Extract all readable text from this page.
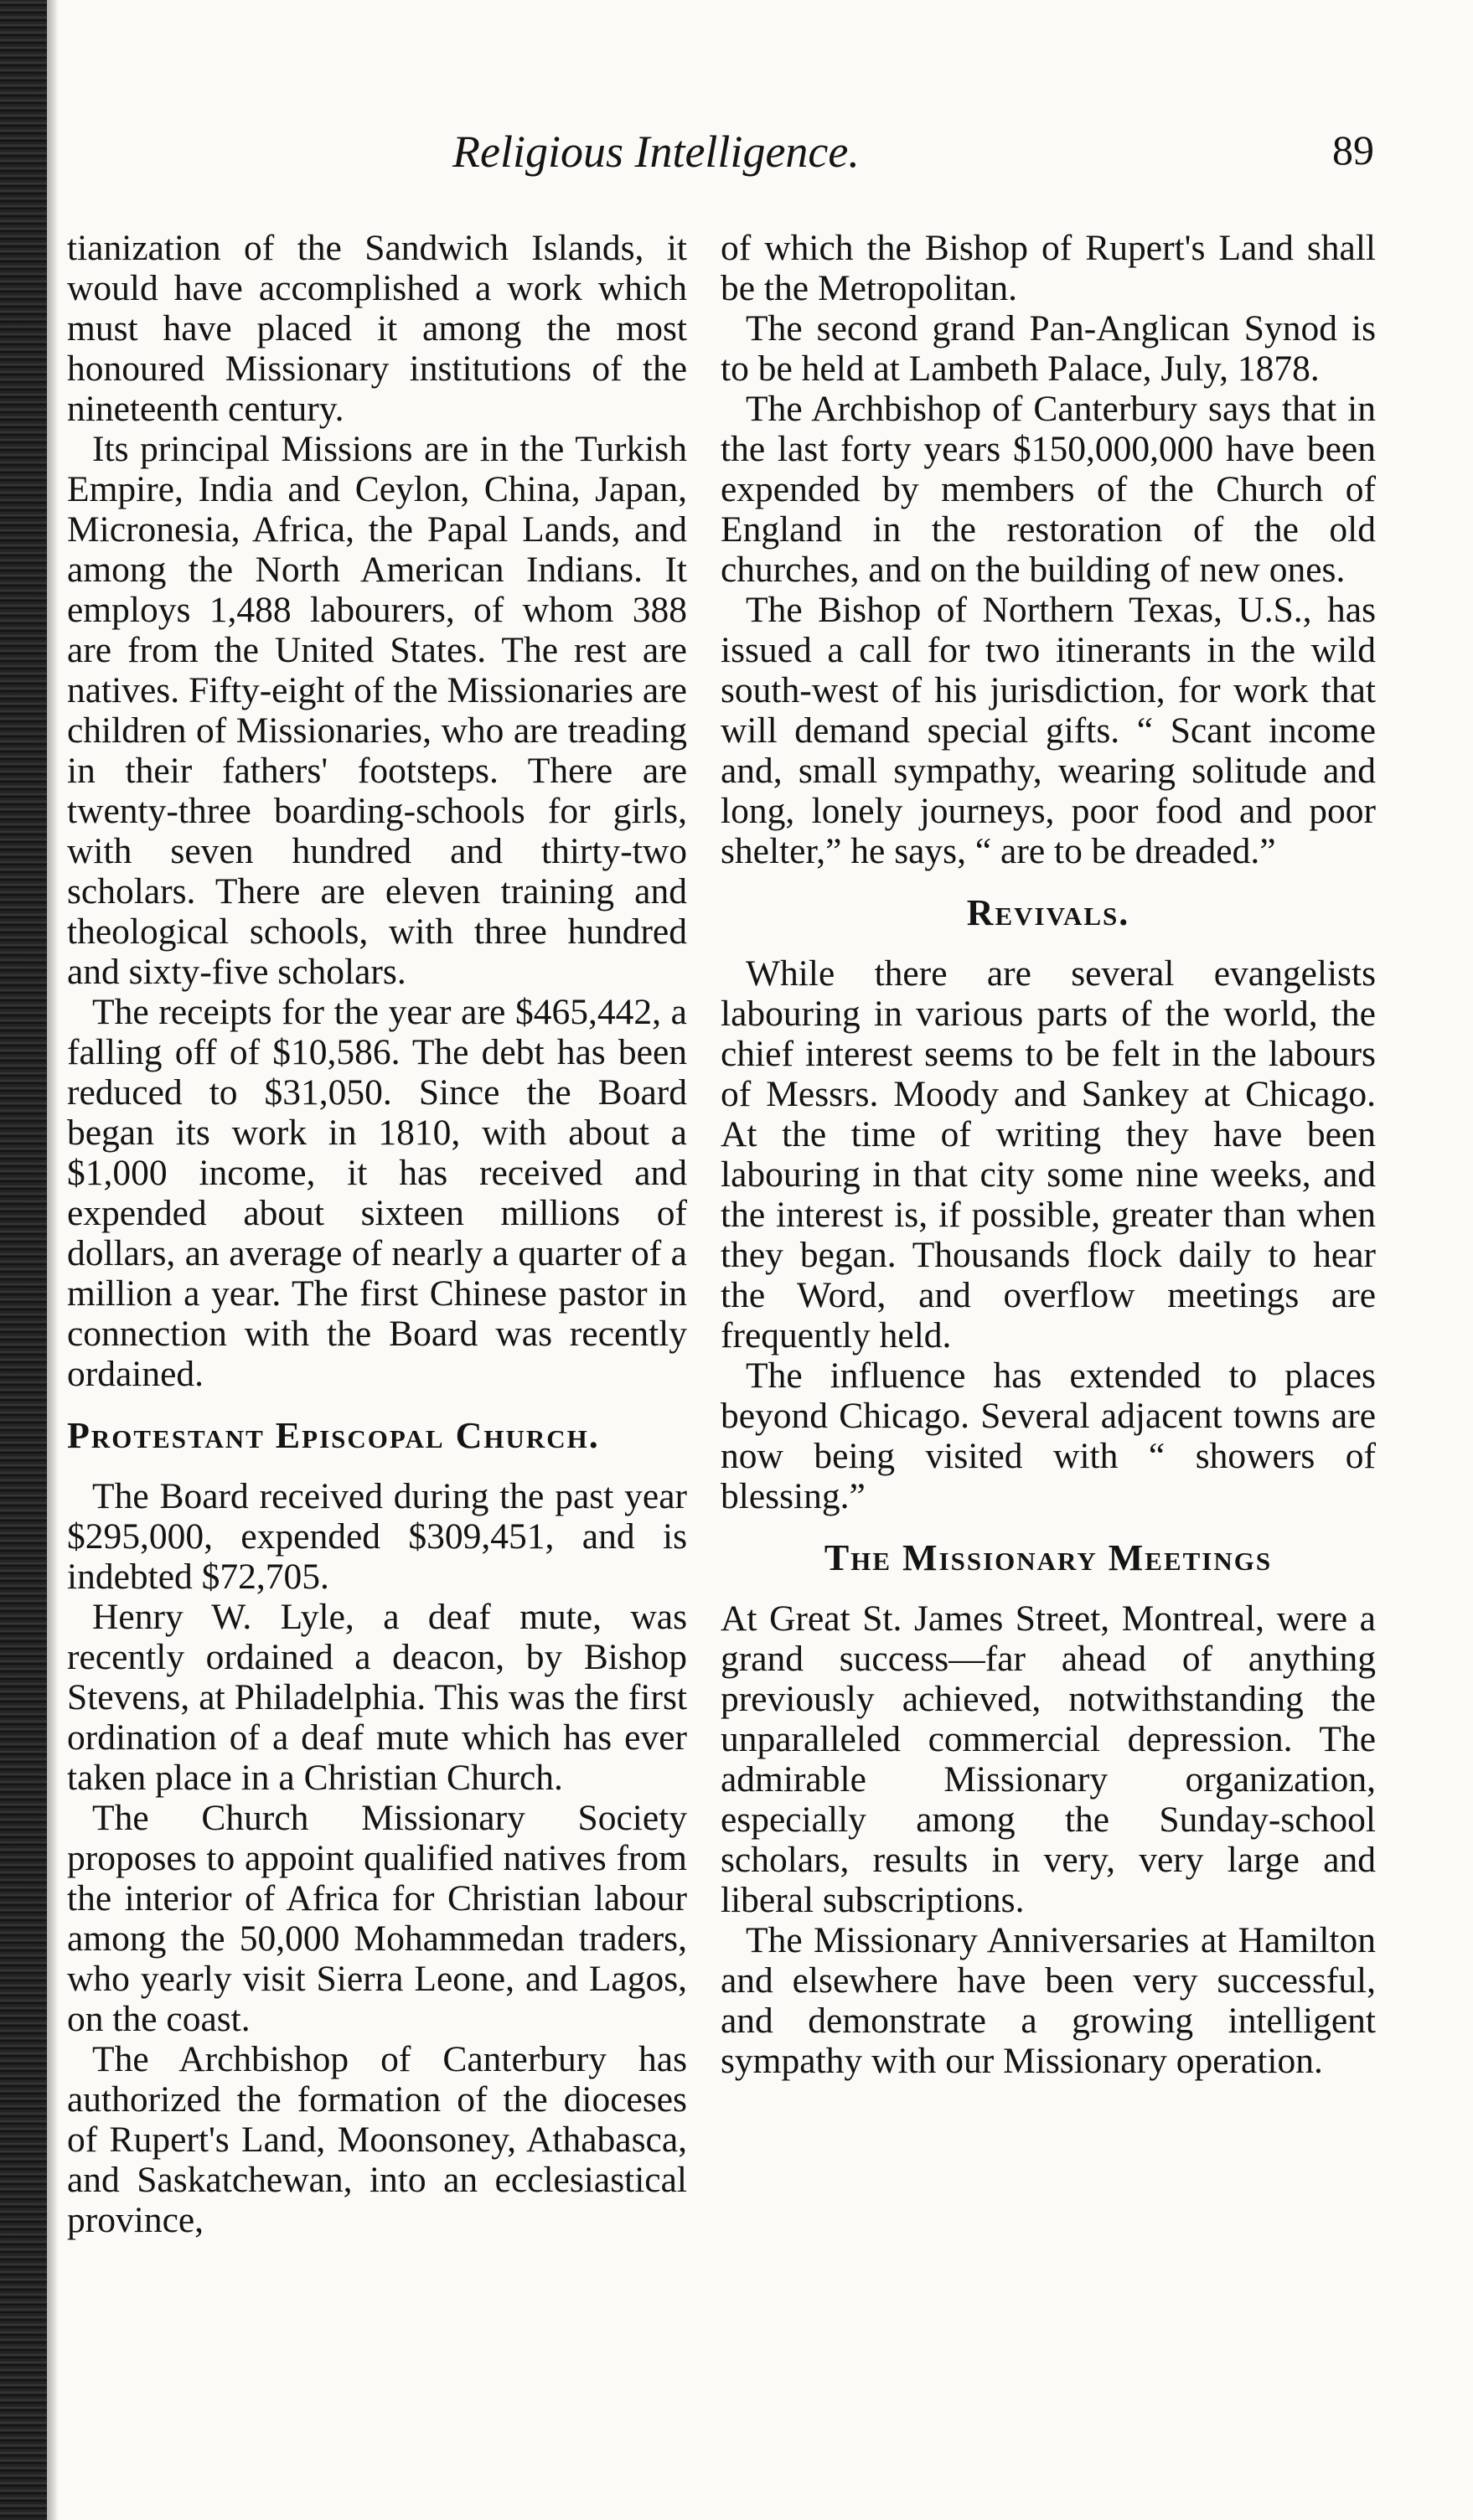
Religious Intelligence.	89

tianization of the Sandwich Islands, it would have accomplished a work which must have placed it among the most honoured Missionary institutions of the nineteenth century.

Its principal Missions are in the Turkish Empire, India and Ceylon, China, Japan, Micronesia, Africa, the Papal Lands, and among the North American Indians. It employs 1,488 labourers, of whom 388 are from the United States. The rest are natives. Fifty-eight of the Missionaries are children of Missionaries, who are treading in their fathers' footsteps. There are twenty-three boarding-schools for girls, with seven hundred and thirty-two scholars. There are eleven training and theological schools, with three hundred and sixty-five scholars.

The receipts for the year are $465,442, a falling off of $10,586. The debt has been reduced to $31,050. Since the Board began its work in 1810, with about a $1,000 income, it has received and expended about sixteen millions of dollars, an average of nearly a quarter of a million a year. The first Chinese pastor in connection with the Board was recently ordained.

Protestant Episcopal Church.

The Board received during the past year $295,000, expended $309,451, and is indebted $72,705.

Henry W. Lyle, a deaf mute, was recently ordained a deacon, by Bishop Stevens, at Philadelphia. This was the first ordination of a deaf mute which has ever taken place in a Christian Church.

The Church Missionary Society proposes to appoint qualified natives from the interior of Africa for Christian labour among the 50,000 Mohammedan traders, who yearly visit Sierra Leone, and Lagos, on the coast.

The Archbishop of Canterbury has authorized the formation of the dioceses of Rupert's Land, Moonsoney, Athabasca, and Saskatchewan, into an ecclesiastical province,

of which the Bishop of Rupert's Land shall be the Metropolitan.

The second grand Pan-Anglican Synod is to be held at Lambeth Palace, July, 1878.

The Archbishop of Canterbury says that in the last forty years $150,000,000 have been expended by members of the Church of England in the restoration of the old churches, and on the building of new ones.

The Bishop of Northern Texas, U.S., has issued a call for two itinerants in the wild south-west of his jurisdiction, for work that will demand special gifts. “ Scant income and, small sympathy, wearing solitude and long, lonely journeys, poor food and poor shelter,” he says, “ are to be dreaded.”

Revivals.

While there are several evangelists labouring in various parts of the world, the chief interest seems to be felt in the labours of Messrs. Moody and Sankey at Chicago. At the time of writing they have been labouring in that city some nine weeks, and the interest is, if possible, greater than when they began. Thousands flock daily to hear the Word, and overflow meetings are frequently held.

The influence has extended to places beyond Chicago. Several adjacent towns are now being visited with “ showers of blessing.”

The Missionary Meetings

At Great St. James Street, Montreal, were a grand success—far ahead of anything previously achieved, notwithstanding the unparalleled commercial depression. The admirable Missionary organization, especially among the Sunday-school scholars, results in very, very large and liberal subscriptions.

The Missionary Anniversaries at Hamilton and elsewhere have been very successful, and demonstrate a growing intelligent sympathy with our Missionary operation.
